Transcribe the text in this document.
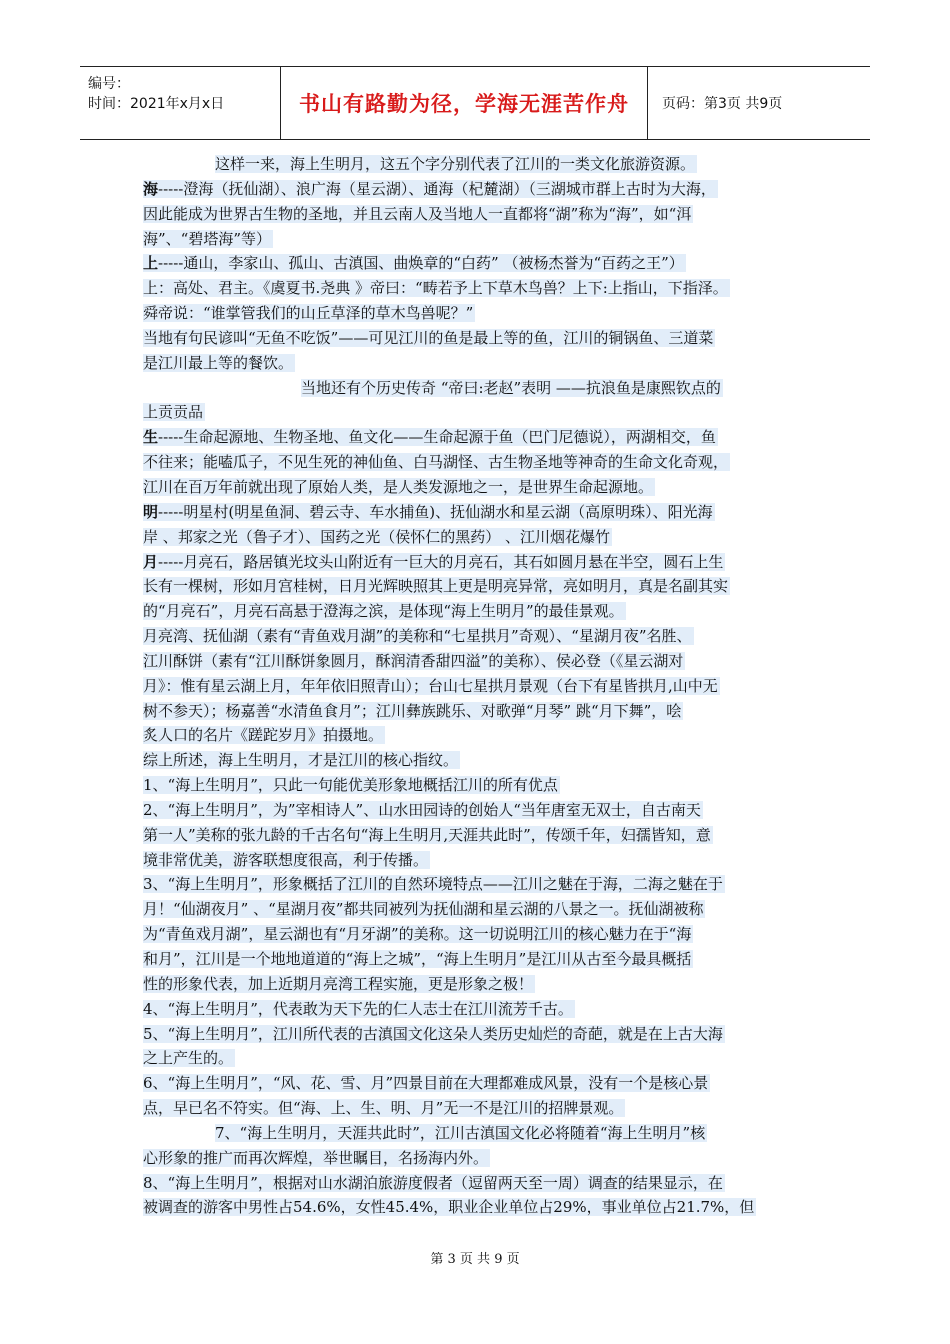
编号：
时间：2021年x月x日	书山有路勤为径，学海无涯苦作舟 页码：第3页 共9页
这样一来，海上生明月，这五个字分别代表了江川的一类文化旅游资源。
海-----澄海（抚仙湖）、浪广海（星云湖）、通海（杞麓湖）（三湖城市群上古时为大海，
因此能成为世界古生物的圣地，并且云南人及当地人一直都将“湖”称为“海”，如“洱
海”、“碧塔海”等）
上-----通山，李家山、孤山、古滇国、曲焕章的“白药” （被杨杰誉为“百药之王”）
上：高处、君主。《虞夏书.尧典 》帝曰：“畴若予上下草木鸟兽？上下:上指山，下指泽。
舜帝说：“谁掌管我们的山丘草泽的草木鸟兽呢？”
当地有句民谚叫“无鱼不吃饭”——可见江川的鱼是最上等的鱼，江川的铜锅鱼、三道菜
是江川最上等的餐饮。
当地还有个历史传奇 “帝曰:老赵”表明 ——抗浪鱼是康熙钦点的
上贡贡品
生-----生命起源地、生物圣地、鱼文化——生命起源于鱼（巴门尼德说），两湖相交，鱼
不往来；能嗑瓜子，不见生死的神仙鱼、白马湖怪、古生物圣地等神奇的生命文化奇观，
江川在百万年前就出现了原始人类，是人类发源地之一，是世界生命起源地。
明-----明星村(明星鱼洞、碧云寺、车水捕鱼)、抚仙湖水和星云湖（高原明珠）、阳光海
岸 、邦家之光（鲁子才）、国药之光（侯怀仁的黑药） 、江川烟花爆竹
月-----月亮石，路居镇光坟头山附近有一巨大的月亮石，其石如圆月悬在半空，圆石上生
长有一棵树，形如月宫桂树，日月光辉映照其上更是明亮异常，亮如明月，真是名副其实
的“月亮石”，月亮石高悬于澄海之滨，是体现“海上生明月”的最佳景观。
月亮湾、抚仙湖（素有“青鱼戏月湖”的美称和“七星拱月”奇观）、“星湖月夜”名胜、
江川酥饼（素有“江川酥饼象圆月，酥润清香甜四溢”的美称）、侯必登（《星云湖对
月》：惟有星云湖上月，年年依旧照青山）；台山七星拱月景观（台下有星皆拱月,山中无
树不参天）；杨嘉善“水清鱼食月”；江川彝族跳乐、对歌弹“月琴” 跳“月下舞”，哙
炙人口的名片《蹉跎岁月》拍摄地。
综上所述，海上生明月，才是江川的核心指纹。
1、“海上生明月”，只此一句能优美形象地概括江川的所有优点
2、“海上生明月”，为”宰相诗人”、山水田园诗的创始人“当年唐室无双士，自古南天
第一人”美称的张九龄的千古名句“海上生明月,天涯共此时”，传颂千年，妇孺皆知，意
境非常优美，游客联想度很高，利于传播。
3、“海上生明月”，形象概括了江川的自然环境特点——江川之魅在于海，二海之魅在于
月！“仙湖夜月” 、“星湖月夜”都共同被列为抚仙湖和星云湖的八景之一。抚仙湖被称
为“青鱼戏月湖”，星云湖也有“月牙湖”的美称。这一切说明江川的核心魅力在于“海
和月”，江川是一个地地道道的“海上之城”，“海上生明月”是江川从古至今最具概括
性的形象代表，加上近期月亮湾工程实施，更是形象之极！
4、“海上生明月”，代表敢为天下先的仁人志士在江川流芳千古。
5、“海上生明月”，江川所代表的古滇国文化这朵人类历史灿烂的奇葩，就是在上古大海
之上产生的。
6、“海上生明月”，“风、花、雪、月”四景目前在大理都难成风景，没有一个是核心景
点，早已名不符实。但“海、上、生、明、月”无一不是江川的招牌景观。
7、“海上生明月，天涯共此时”，江川古滇国文化必将随着“海上生明月”核
心形象的推广而再次辉煌，举世瞩目，名扬海内外。
8、“海上生明月”，根据对山水湖泊旅游度假者（逗留两天至一周）调查的结果显示，在
被调查的游客中男性占54.6%，女性45.4%，职业企业单位占29%，事业单位占21.7%，但
第 3 页 共 9 页
